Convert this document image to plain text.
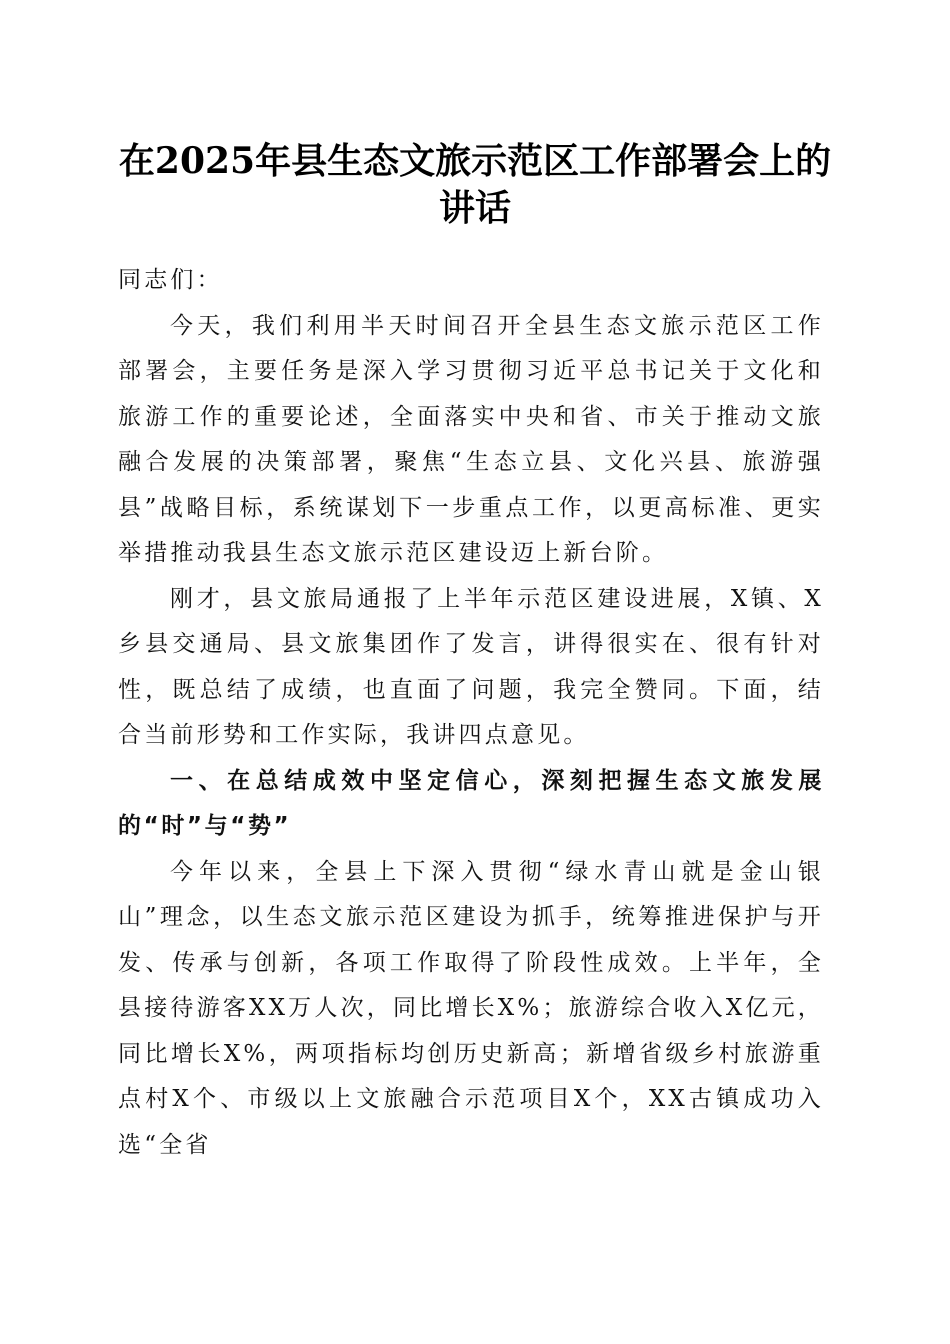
在2025年县生态文旅示范区工作部署会上的讲话

同志们：

今天，我们利用半天时间召开全县生态文旅示范区工作部署会，主要任务是深入学习贯彻习近平总书记关于文化和旅游工作的重要论述，全面落实中央和省、市关于推动文旅融合发展的决策部署，聚焦“生态立县、文化兴县、旅游强县”战略目标，系统谋划下一步重点工作，以更高标准、更实举措推动我县生态文旅示范区建设迈上新台阶。

刚才，县文旅局通报了上半年示范区建设进展，X镇、X乡县交通局、县文旅集团作了发言，讲得很实在、很有针对性，既总结了成绩，也直面了问题，我完全赞同。下面，结合当前形势和工作实际，我讲四点意见。

一、在总结成效中坚定信心，深刻把握生态文旅发展的“时”与“势”

今年以来，全县上下深入贯彻“绿水青山就是金山银山”理念，以生态文旅示范区建设为抓手，统筹推进保护与开发、传承与创新，各项工作取得了阶段性成效。上半年，全县接待游客XX万人次，同比增长X%；旅游综合收入X亿元，同比增长X%，两项指标均创历史新高；新增省级乡村旅游重点村X个、市级以上文旅融合示范项目X个，XX古镇成功入选“全省
